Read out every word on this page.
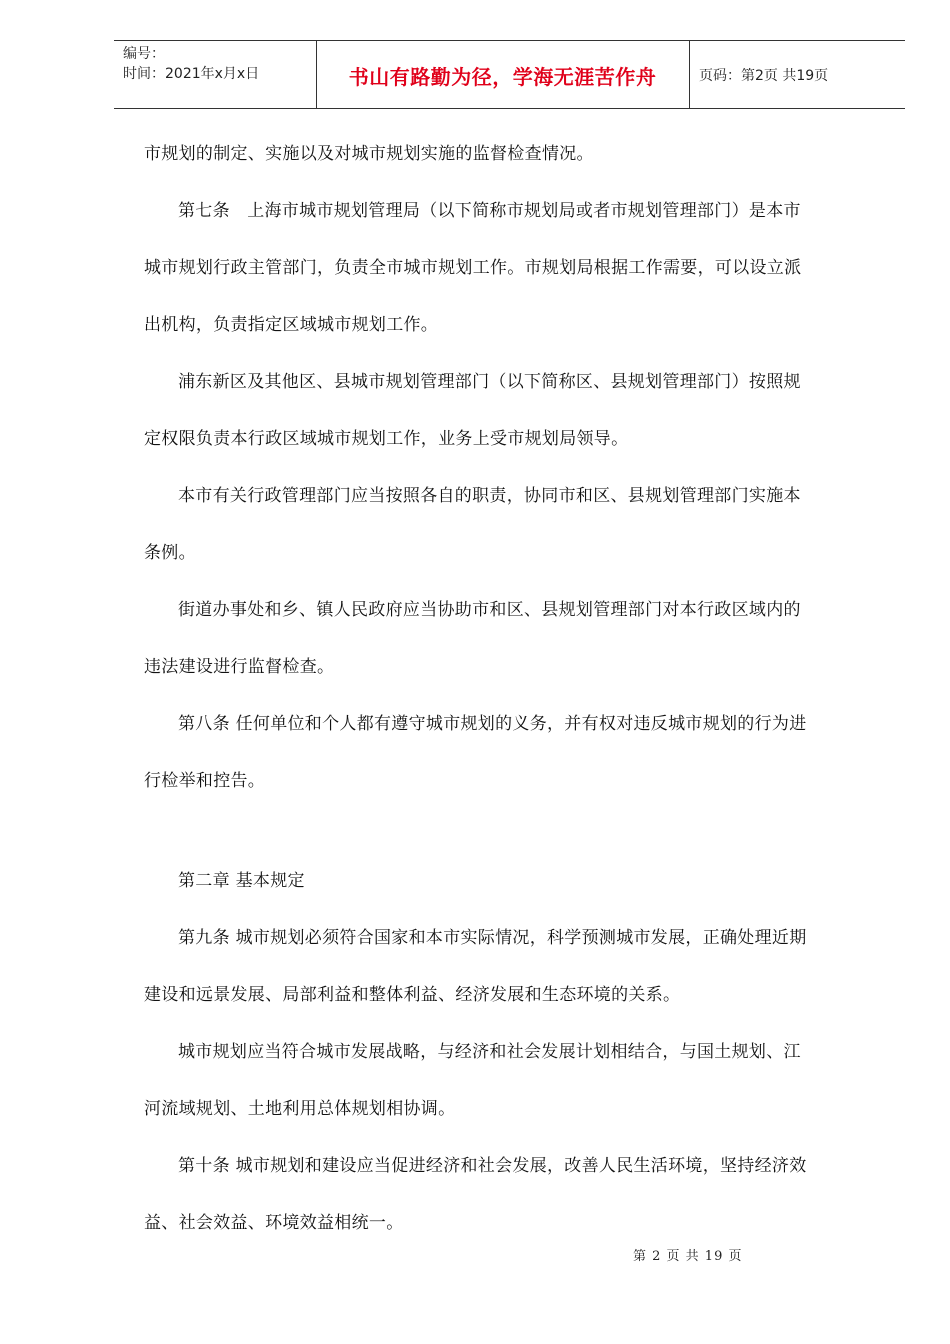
编号：
时间：2021年x月x日	书山有路勤为径，学海无涯苦作舟	页码：第2页 共19页

市规划的制定、实施以及对城市规划实施的监督检查情况。

第七条　上海市城市规划管理局（以下简称市规划局或者市规划管理部门）是本市

城市规划行政主管部门，负责全市城市规划工作。市规划局根据工作需要，可以设立派

出机构，负责指定区域城市规划工作。

浦东新区及其他区、县城市规划管理部门（以下简称区、县规划管理部门）按照规

定权限负责本行政区域城市规划工作，业务上受市规划局领导。

本市有关行政管理部门应当按照各自的职责，协同市和区、县规划管理部门实施本

条例。

街道办事处和乡、镇人民政府应当协助市和区、县规划管理部门对本行政区域内的

违法建设进行监督检查。

第八条 任何单位和个人都有遵守城市规划的义务，并有权对违反城市规划的行为进

行检举和控告。

第二章 基本规定

第九条 城市规划必须符合国家和本市实际情况，科学预测城市发展，正确处理近期

建设和远景发展、局部利益和整体利益、经济发展和生态环境的关系。

城市规划应当符合城市发展战略，与经济和社会发展计划相结合，与国土规划、江

河流域规划、土地利用总体规划相协调。

第十条 城市规划和建设应当促进经济和社会发展，改善人民生活环境，坚持经济效

益、社会效益、环境效益相统一。

第 2 页 共 19 页
